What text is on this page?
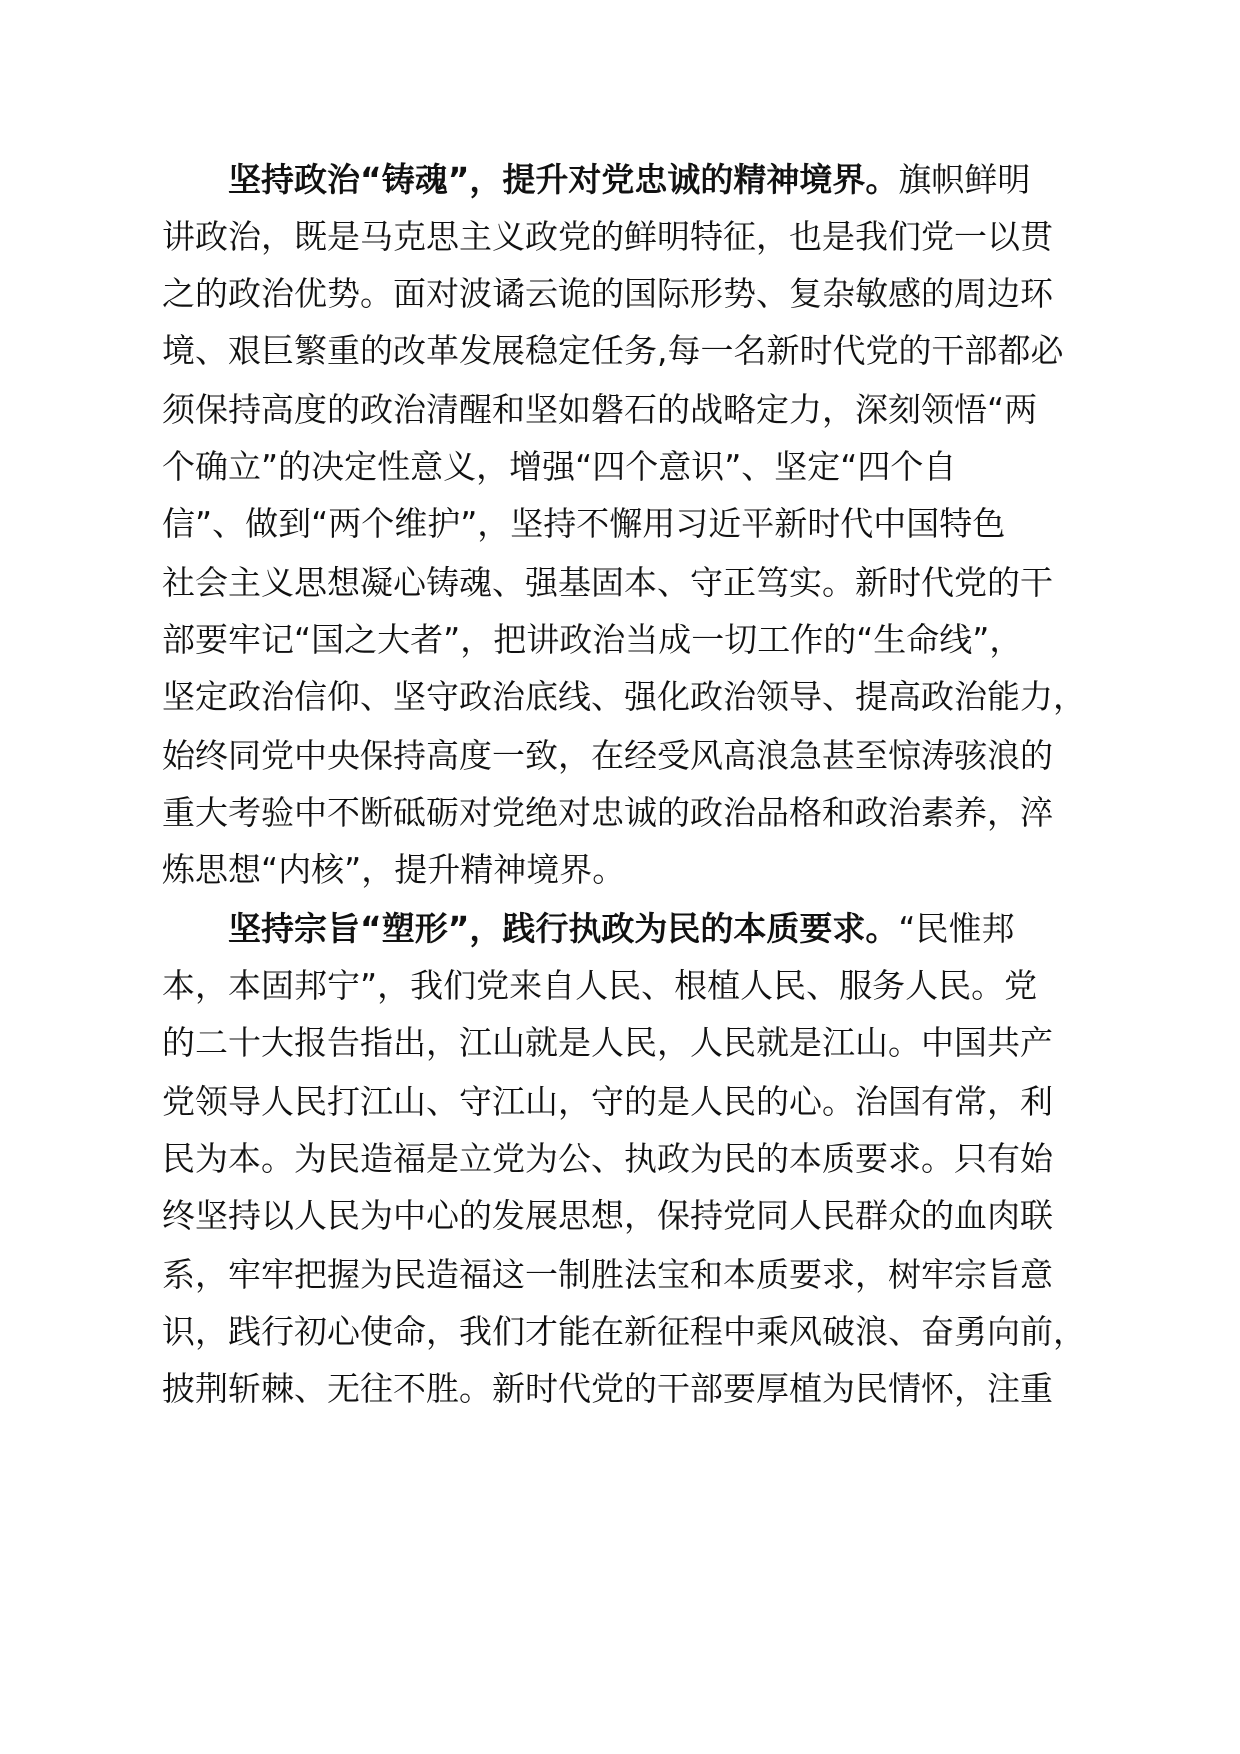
坚持政治“铸魂”，提升对党忠诚的精神境界。旗帜鲜明
讲政治，既是马克思主义政党的鲜明特征，也是我们党一以贯
之的政治优势。面对波谲云诡的国际形势、复杂敏感的周边环
境、艰巨繁重的改革发展稳定任务,每一名新时代党的干部都必
须保持高度的政治清醒和坚如磐石的战略定力，深刻领悟“两
个确立”的决定性意义，增强“四个意识”、坚定“四个自
信”、做到“两个维护”，坚持不懈用习近平新时代中国特色
社会主义思想凝心铸魂、强基固本、守正笃实。新时代党的干
部要牢记“国之大者”，把讲政治当成一切工作的“生命线”，
坚定政治信仰、坚守政治底线、强化政治领导、提高政治能力，
始终同党中央保持高度一致，在经受风高浪急甚至惊涛骇浪的
重大考验中不断砥砺对党绝对忠诚的政治品格和政治素养，淬
炼思想“内核”，提升精神境界。
坚持宗旨“塑形”，践行执政为民的本质要求。“民惟邦
本，本固邦宁”，我们党来自人民、根植人民、服务人民。党
的二十大报告指出，江山就是人民，人民就是江山。中国共产
党领导人民打江山、守江山，守的是人民的心。治国有常，利
民为本。为民造福是立党为公、执政为民的本质要求。只有始
终坚持以人民为中心的发展思想，保持党同人民群众的血肉联
系，牢牢把握为民造福这一制胜法宝和本质要求，树牢宗旨意
识，践行初心使命，我们才能在新征程中乘风破浪、奋勇向前，
披荆斩棘、无往不胜。新时代党的干部要厚植为民情怀，注重
